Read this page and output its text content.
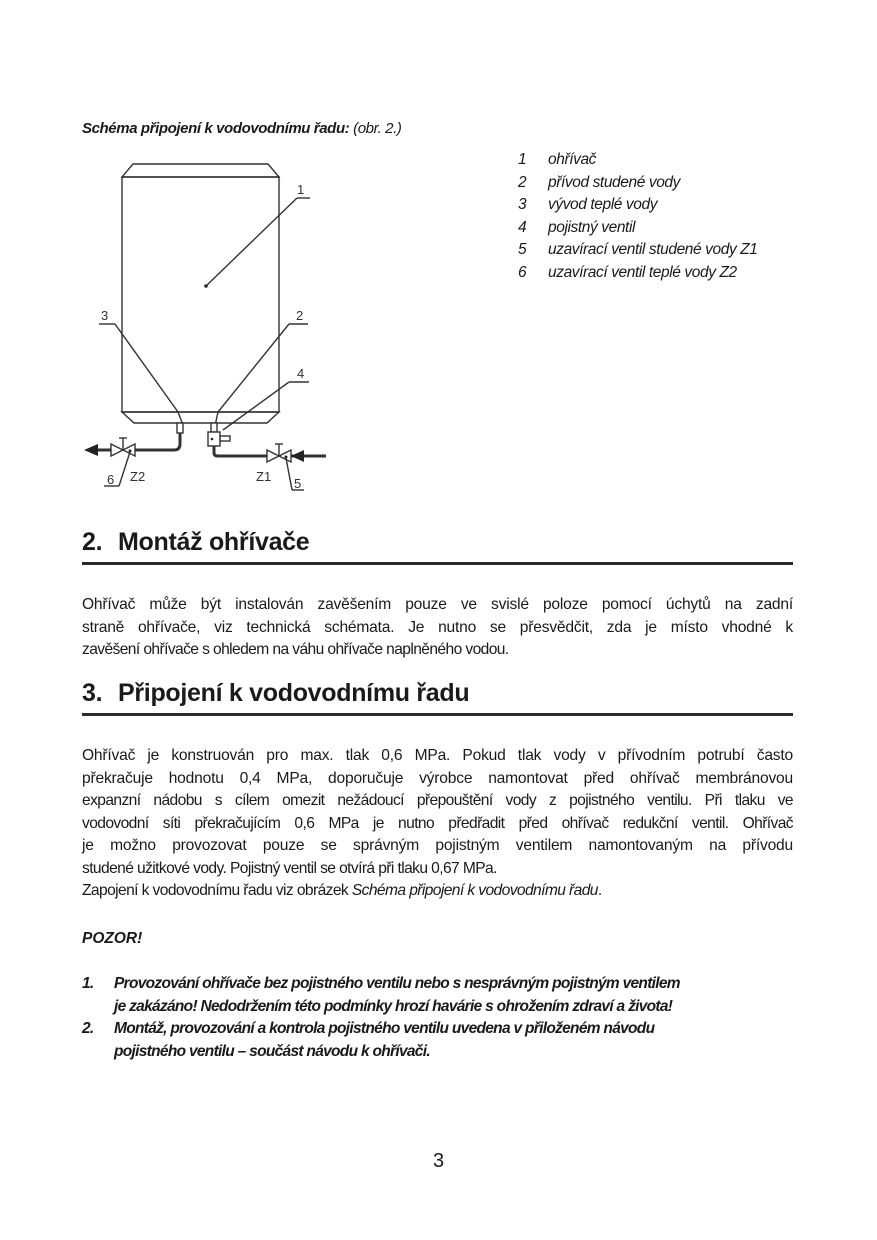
Schéma připojení k vodovodnímu řadu: (obr. 2.)
1
3	2
4
6 Z2	Z1 5
1	ohřívač
2	přívod studené vody
3	vývod teplé vody
4	pojistný ventil
5	uzavírací ventil studené vody Z1
6	uzavírací ventil teplé vody Z2
2. Montáž ohřívače
Ohřívač může být instalován zavěšením pouze ve svislé poloze pomocí úchytů na zadní
straně ohřívače, viz technická schémata. Je nutno se přesvědčit, zda je místo vhodné k
zavěšení ohřívače s ohledem na váhu ohřívače naplněného vodou.
3. Připojení k vodovodnímu řadu
Ohřívač je konstruován pro max. tlak 0,6 MPa. Pokud tlak vody v přívodním potrubí často
překračuje hodnotu 0,4 MPa, doporučuje výrobce namontovat před ohřívač membránovou
expanzní nádobu s cílem omezit nežádoucí přepouštění vody z pojistného ventilu. Při tlaku ve
vodovodní síti překračujícím 0,6 MPa je nutno předřadit před ohřívač redukční ventil. Ohřívač
je možno provozovat pouze se správným pojistným ventilem namontovaným na přívodu
studené užitkové vody. Pojistný ventil se otvírá při tlaku 0,67 MPa.
Zapojení k vodovodnímu řadu viz obrázek Schéma připojení k vodovodnímu řadu.
POZOR!
1.	Provozování ohřívače bez pojistného ventilu nebo s nesprávným pojistným ventilem
je zakázáno! Nedodržením této podmínky hrozí havárie s ohrožením zdraví a života!
2.	Montáž, provozování a kontrola pojistného ventilu uvedena v přiloženém návodu
pojistného ventilu – součást návodu k ohřívači.
3
